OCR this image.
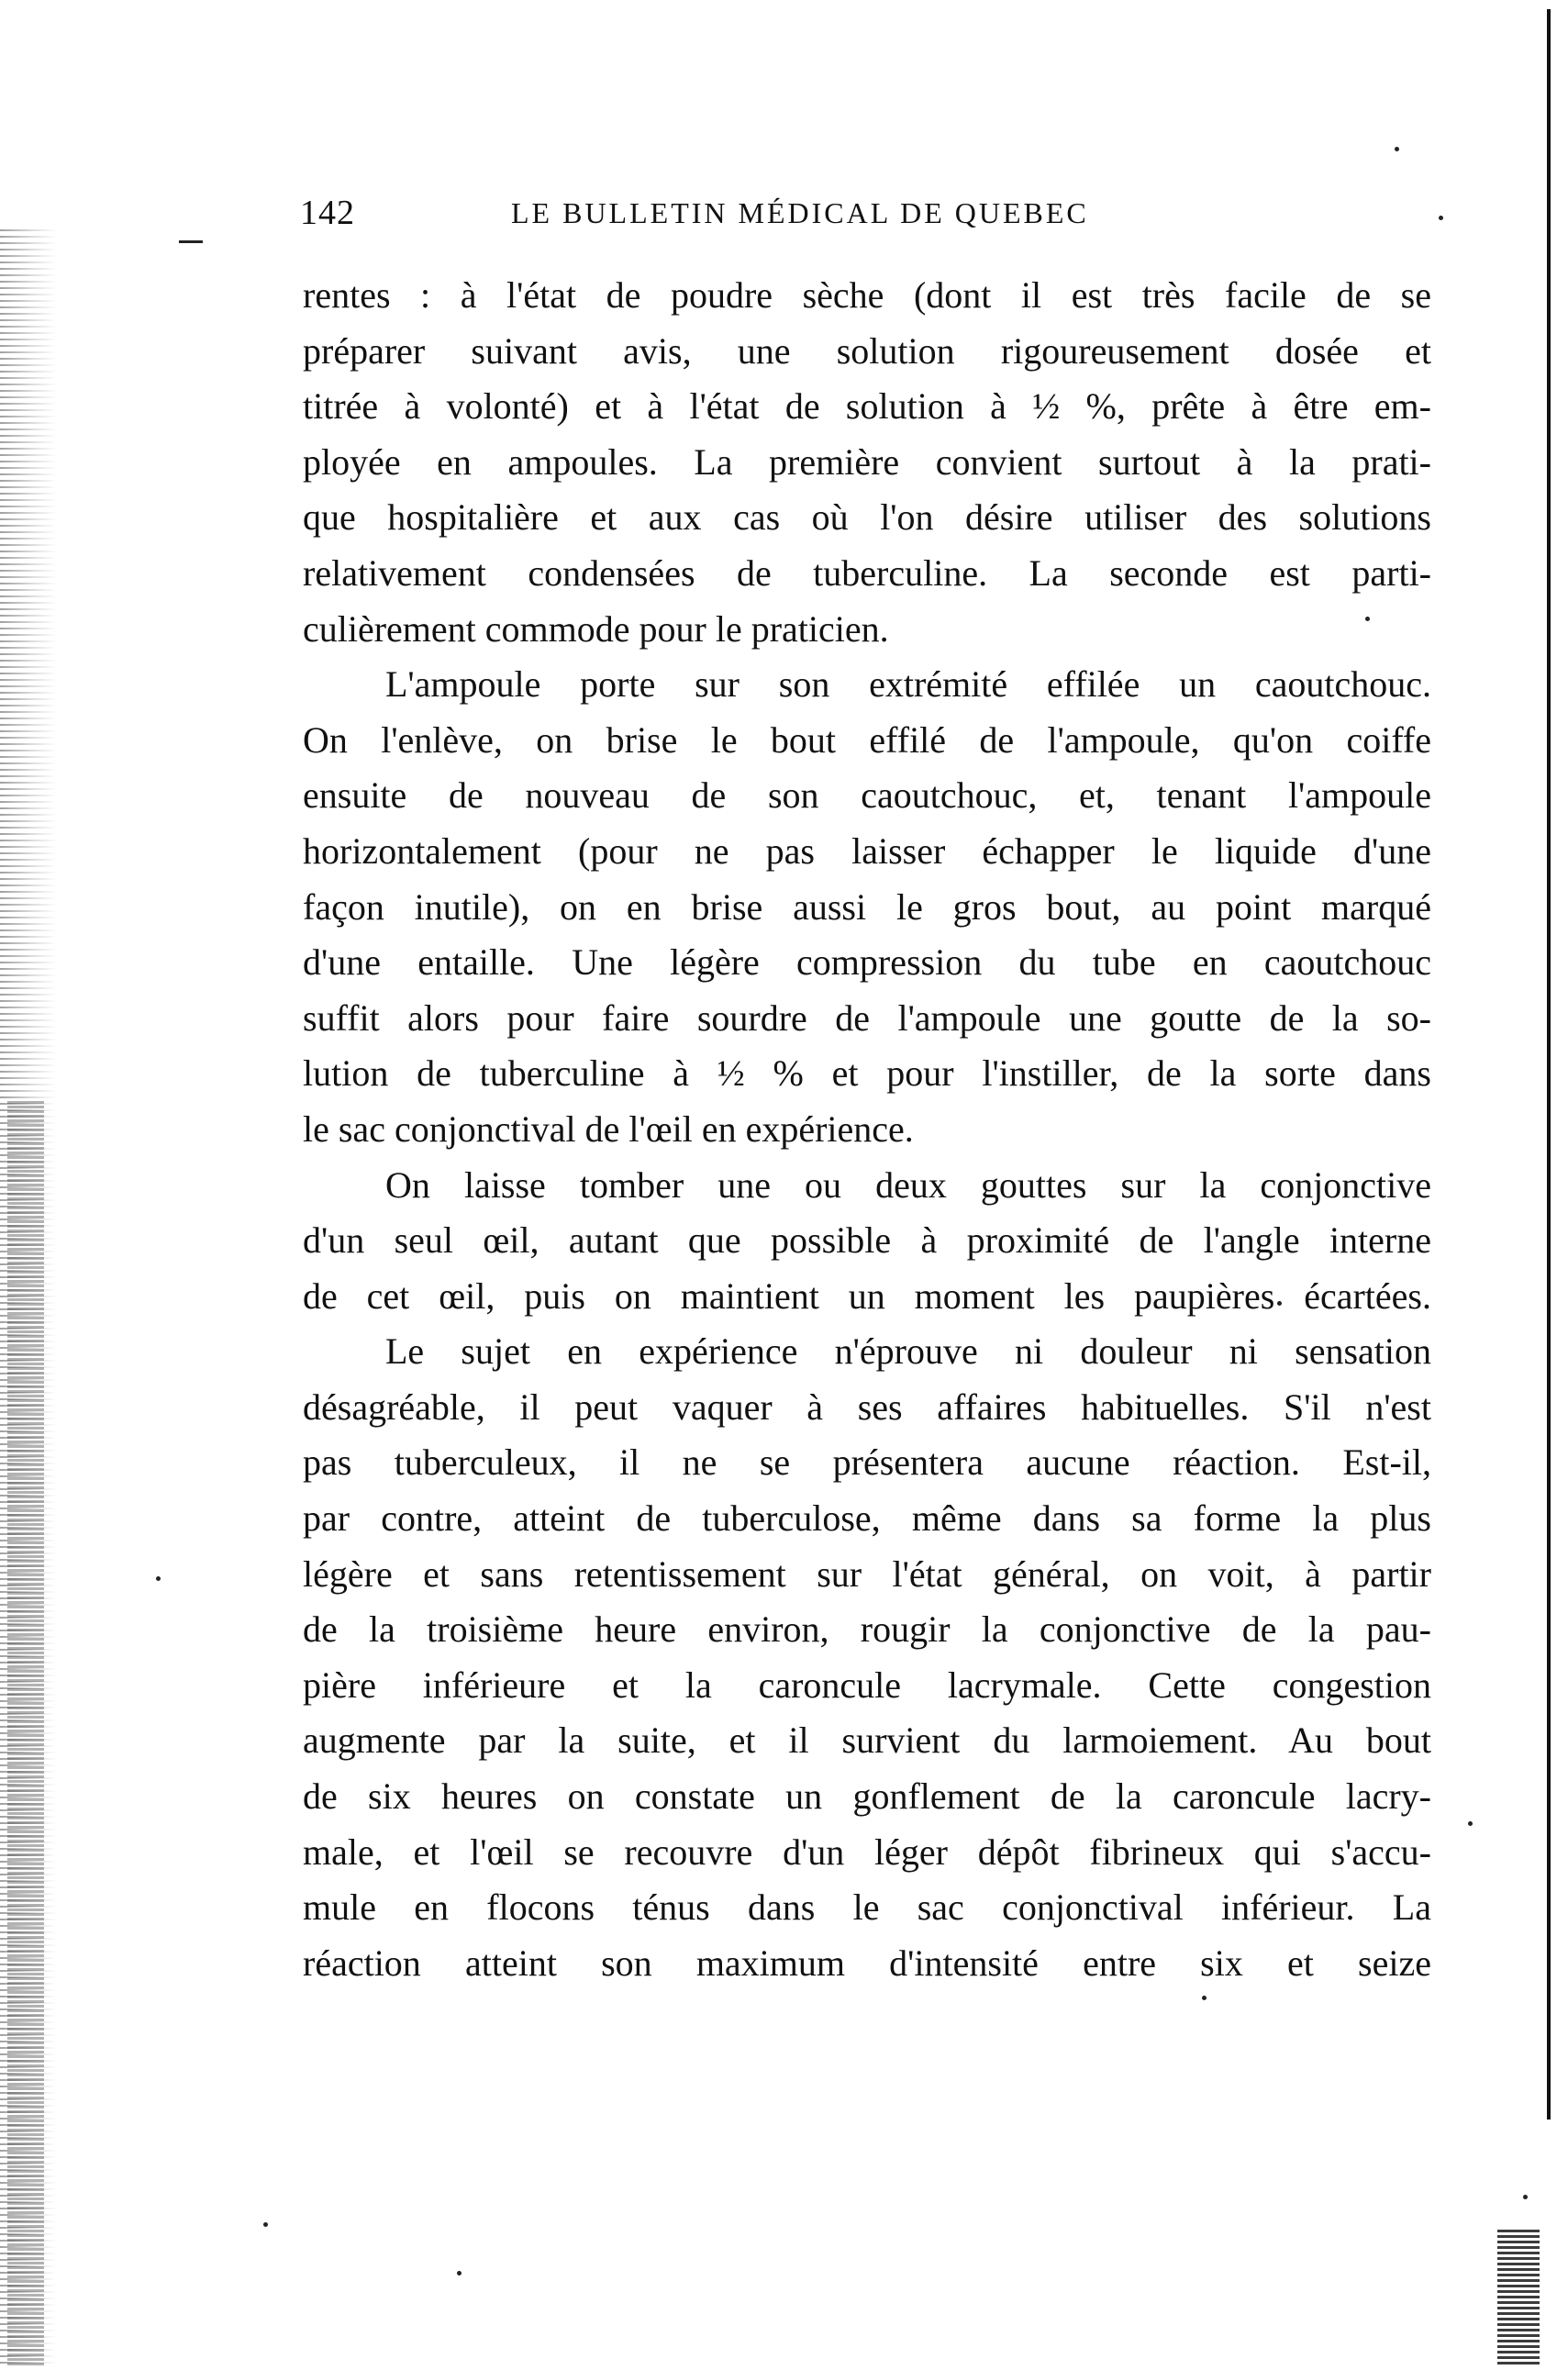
142	LE BULLETIN MÉDICAL DE QUEBEC
rentes : à l'état de poudre sèche (dont il est très facile de se
préparer suivant avis, une solution rigoureusement dosée et
titrée à volonté) et à l'état de solution à ½ %, prête à être em-
ployée en ampoules. La première convient surtout à la prati-
que hospitalière et aux cas où l'on désire utiliser des solutions
relativement condensées de tuberculine. La seconde est parti-
culièrement commode pour le praticien.
L'ampoule porte sur son extrémité effilée un caoutchouc.
On l'enlève, on brise le bout effilé de l'ampoule, qu'on coiffe
ensuite de nouveau de son caoutchouc, et, tenant l'ampoule
horizontalement (pour ne pas laisser échapper le liquide d'une
façon inutile), on en brise aussi le gros bout, au point marqué
d'une entaille. Une légère compression du tube en caoutchouc
suffit alors pour faire sourdre de l'ampoule une goutte de la so-
lution de tuberculine à ½ % et pour l'instiller, de la sorte dans
le sac conjonctival de l'œil en expérience.
On laisse tomber une ou deux gouttes sur la conjonctive
d'un seul œil, autant que possible à proximité de l'angle interne
de cet œil, puis on maintient un moment les paupières écartées.
Le sujet en expérience n'éprouve ni douleur ni sensation
désagréable, il peut vaquer à ses affaires habituelles. S'il n'est
pas tuberculeux, il ne se présentera aucune réaction. Est-il,
par contre, atteint de tuberculose, même dans sa forme la plus
légère et sans retentissement sur l'état général, on voit, à partir
de la troisième heure environ, rougir la conjonctive de la pau-
pière inférieure et la caroncule lacrymale. Cette congestion
augmente par la suite, et il survient du larmoiement. Au bout
de six heures on constate un gonflement de la caroncule lacry-
male, et l'œil se recouvre d'un léger dépôt fibrineux qui s'accu-
mule en flocons ténus dans le sac conjonctival inférieur. La
réaction atteint son maximum d'intensité entre six et seize
